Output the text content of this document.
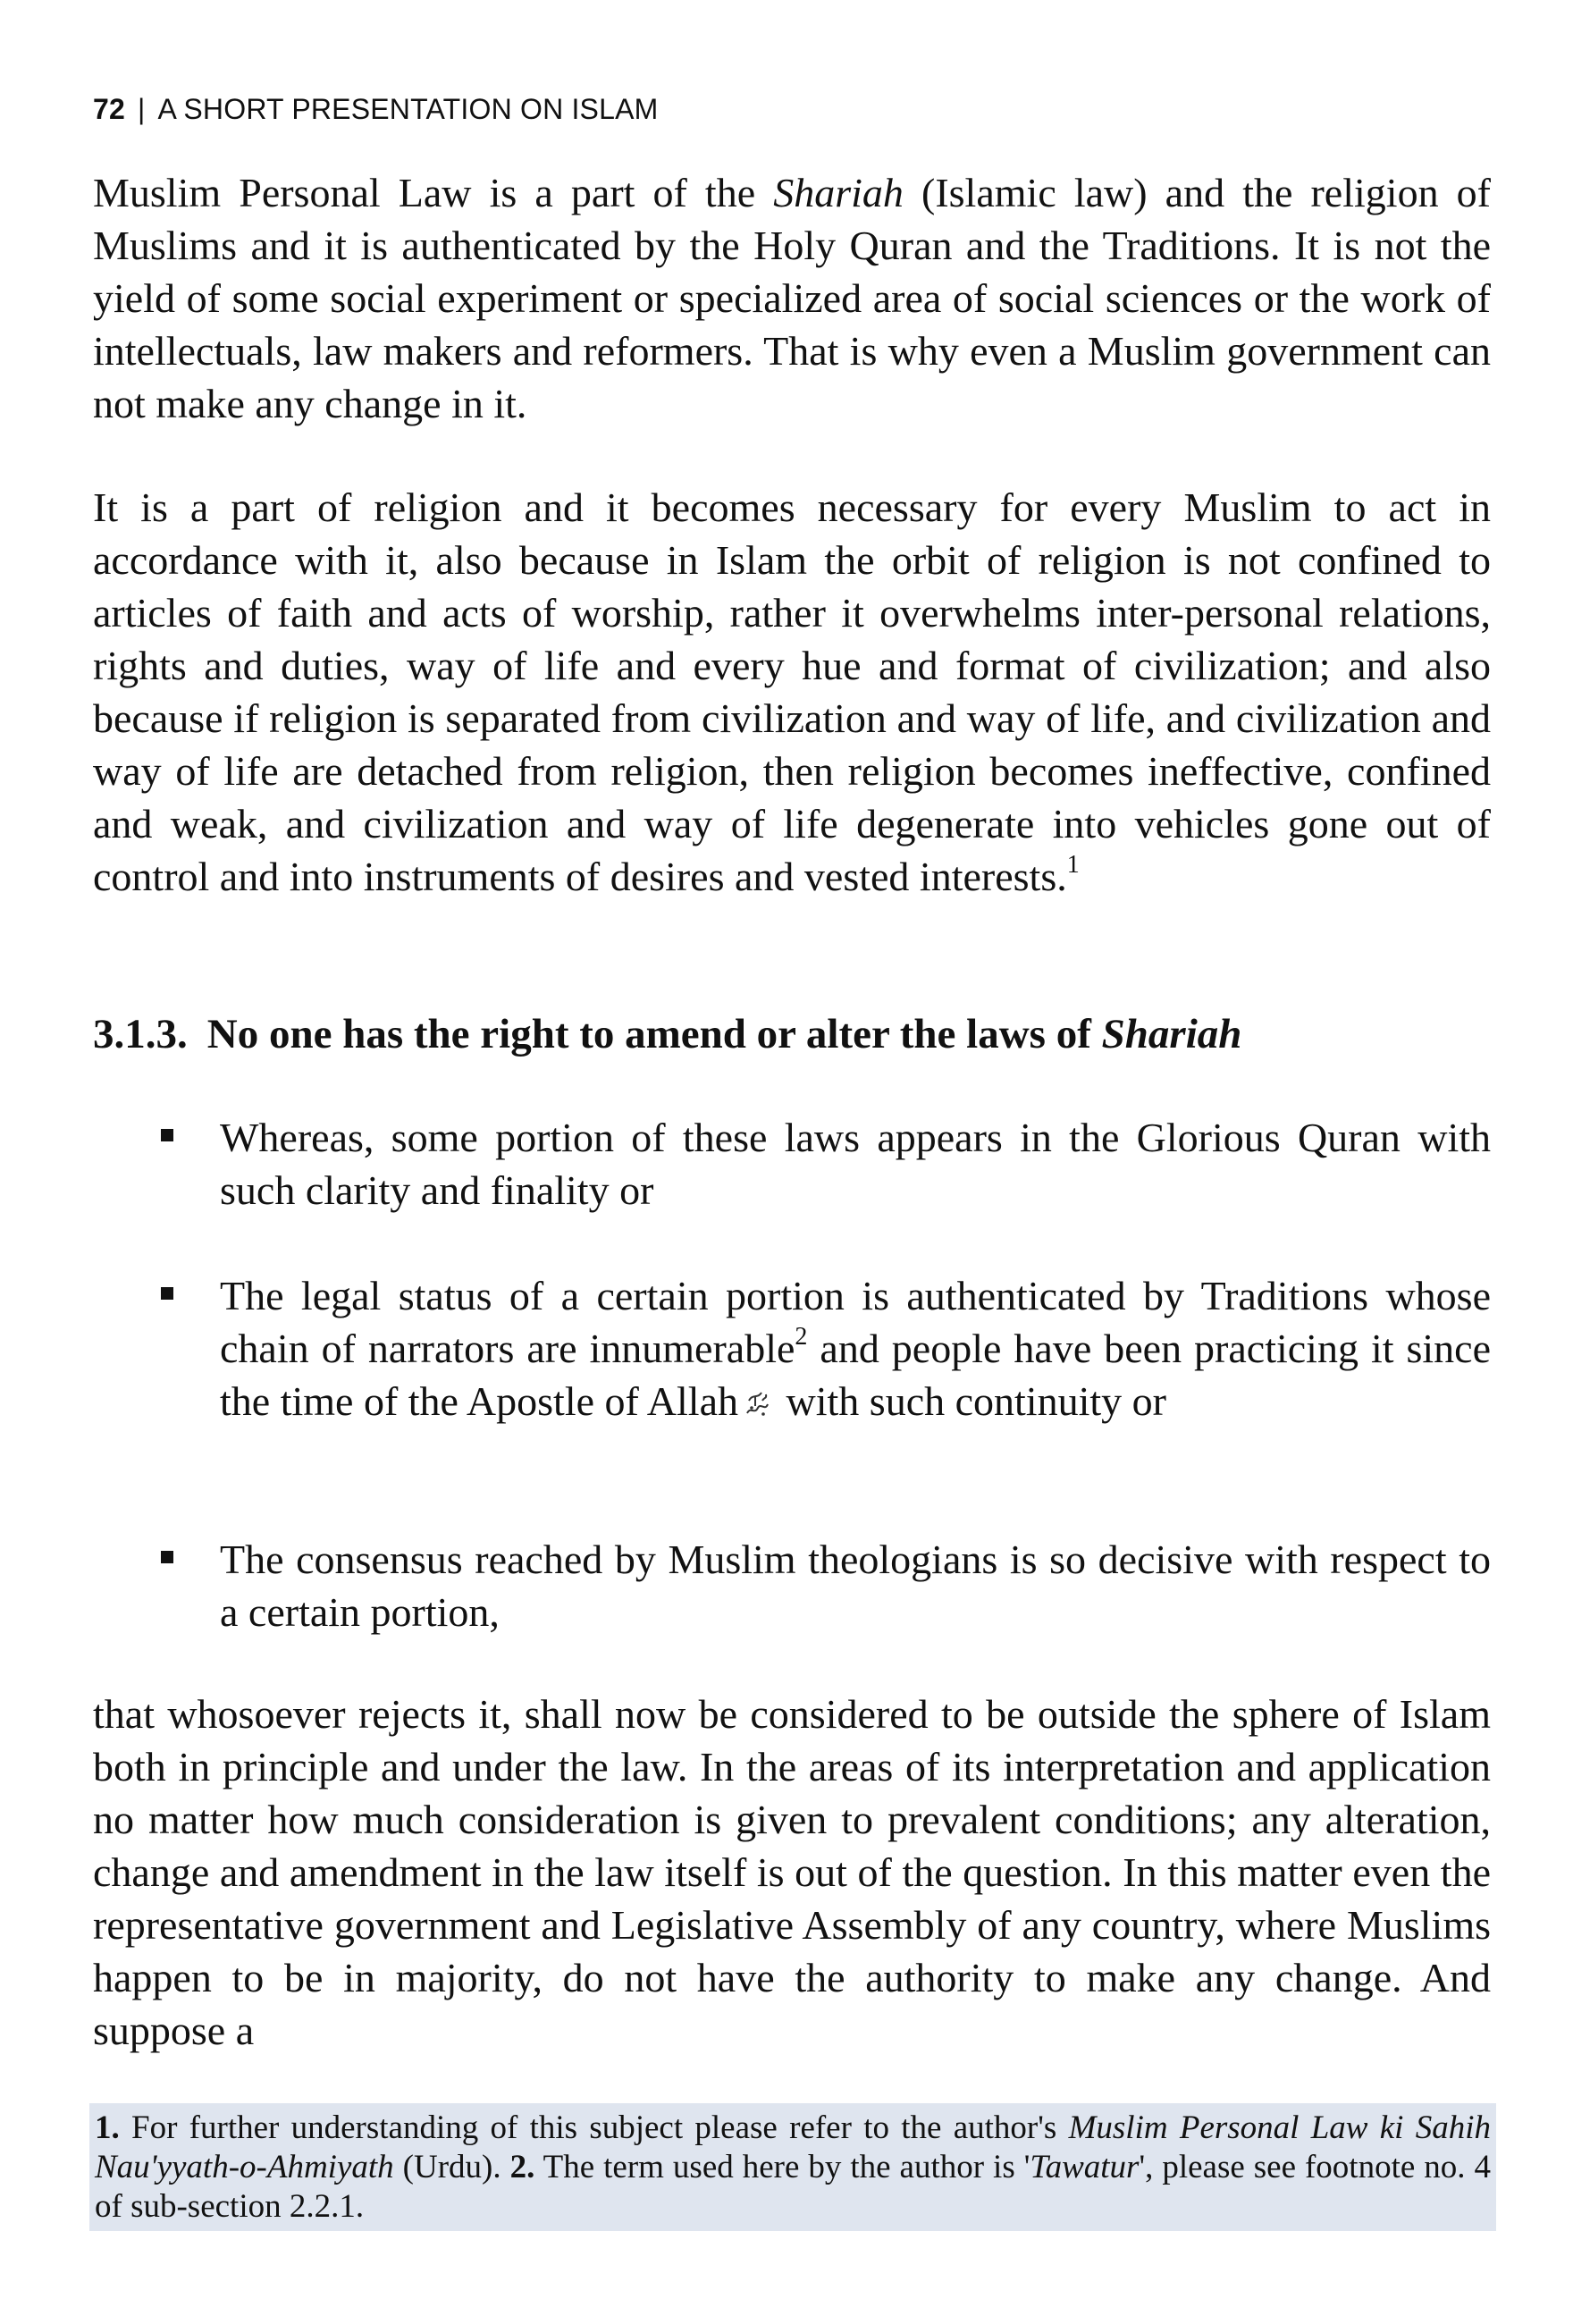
72 | A SHORT PRESENTATION ON ISLAM

Muslim Personal Law is a part of the Shariah (Islamic law) and the religion of Muslims and it is authenticated by the Holy Quran and the Traditions. It is not the yield of some social experiment or specialized area of social sciences or the work of intellectuals, law makers and reformers. That is why even a Muslim government can not make any change in it.

It is a part of religion and it becomes necessary for every Muslim to act in accordance with it, also because in Islam the orbit of religion is not confined to articles of faith and acts of worship, rather it overwhelms inter-personal relations, rights and duties, way of life and every hue and format of civilization; and also because if religion is separated from civilization and way of life, and civilization and way of life are detached from religion, then religion becomes ineffective, confined and weak, and civilization and way of life degenerate into vehicles gone out of control and into instruments of desires and vested interests.$^1$

3.1.3. No one has the right to amend or alter the laws of Shariah

Whereas, some portion of these laws appears in the Glorious Quran with such clarity and finality or

The legal status of a certain portion is authenticated by Traditions whose chain of narrators are innumerable$^2$ and people have been practicing it since the time of the Apostle of Allah with such continuity or

The consensus reached by Muslim theologians is so decisive with respect to a certain portion,

that whosoever rejects it, shall now be considered to be outside the sphere of Islam both in principle and under the law. In the areas of its interpretation and application no matter how much consideration is given to prevalent conditions; any alteration, change and amendment in the law itself is out of the question. In this matter even the representative government and Legislative Assembly of any country, where Muslims happen to be in majority, do not have the authority to make any change. And suppose a

1. For further understanding of this subject please refer to the author's Muslim Personal Law ki Sahih Nau'yyath-o-Ahmiyath (Urdu). 2. The term used here by the author is 'Tawatur', please see footnote no. 4 of sub-section 2.2.1.
